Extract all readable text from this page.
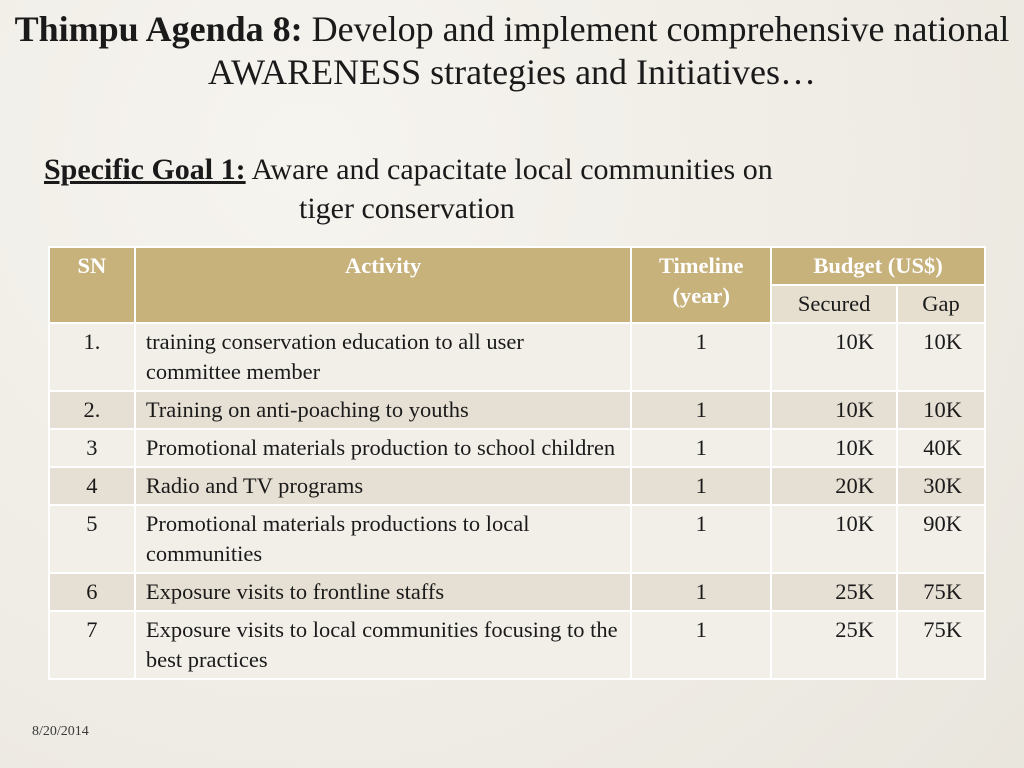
Thimpu Agenda 8: Develop and implement comprehensive national AWARENESS strategies and Initiatives…
Specific Goal 1: Aware and capacitate local communities on
tiger conservation
SN	Activity	Timeline (year)	Budget (US$)	
			Secured	Gap
1.	training conservation education to all user committee member	1	10K	10K
2.	Training on anti-poaching to youths	1	10K	10K
3	Promotional materials production to school children	1	10K	40K
4	Radio and TV programs	1	20K	30K
5	Promotional materials productions to local communities	1	10K	90K
6	Exposure visits to frontline staffs	1	25K	75K
7	Exposure visits to local communities focusing to the best practices	1	25K	75K
8/20/2014
